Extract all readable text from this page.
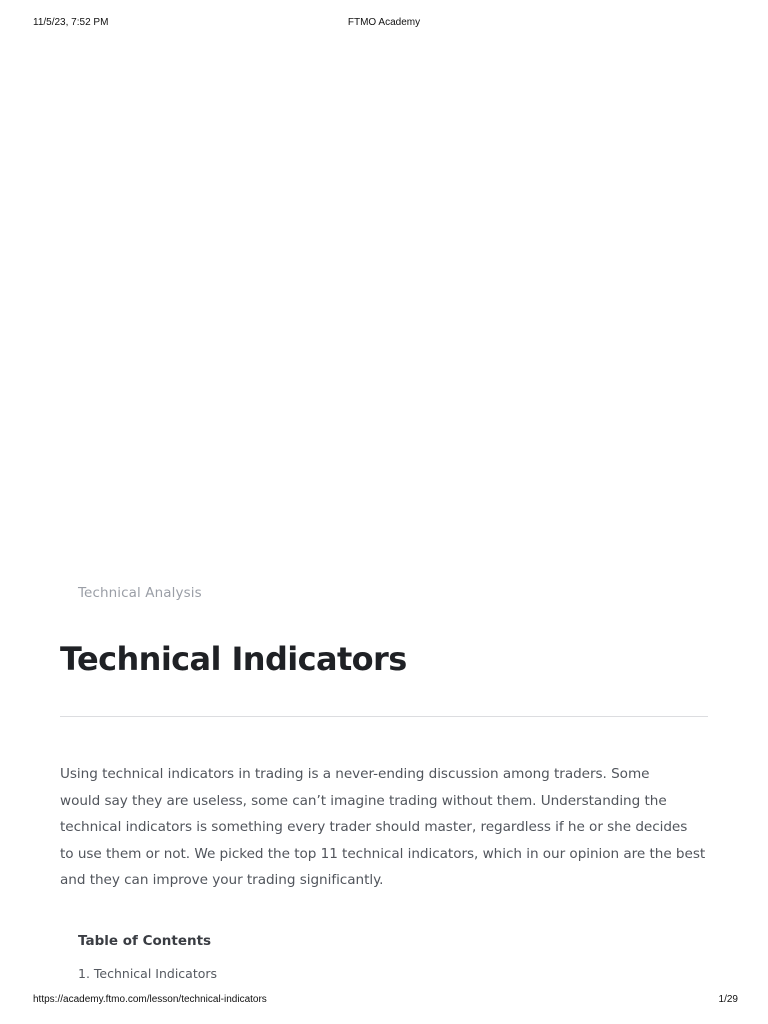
11/5/23, 7:52 PM	FTMO Academy
Technical Analysis
Technical Indicators

Using technical indicators in trading is a never-ending discussion among traders. Some
would say they are useless, some can’t imagine trading without them. Understanding the
technical indicators is something every trader should master, regardless if he or she decides
to use them or not. We picked the top 11 technical indicators, which in our opinion are the best
and they can improve your trading significantly.

Table of Contents
1. Technical Indicators
https://academy.ftmo.com/lesson/technical-indicators	1/29
